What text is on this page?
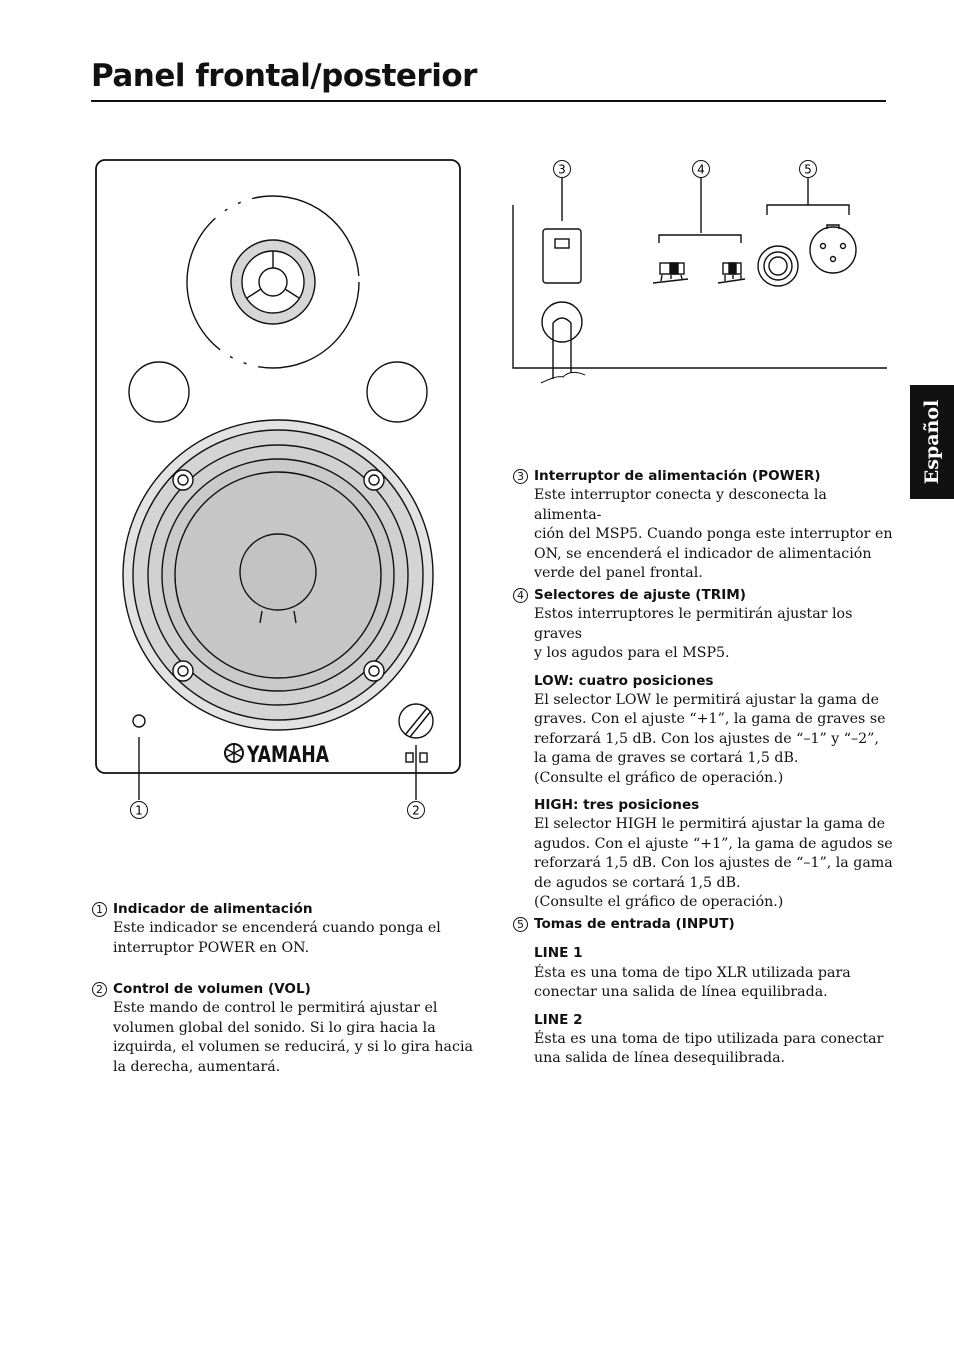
Panel frontal/posterior
Español
YAMAHA
1	2
3	4	5
1 Indicador de alimentación

Este indicador se encenderá cuando ponga el

interruptor POWER en ON.

2 Control de volumen (VOL)

Este mando de control le permitirá ajustar el

volumen global del sonido. Si lo gira hacia la

izquirda, el volumen se reducirá, y si lo gira hacia

la derecha, aumentará.

3 Interruptor de alimentación (POWER)

Este interruptor conecta y desconecta la alimenta-

ción del MSP5. Cuando ponga este interruptor en

ON, se encenderá el indicador de alimentación

verde del panel frontal.

4 Selectores de ajuste (TRIM)

Estos interruptores le permitirán ajustar los graves

y los agudos para el MSP5.

LOW: cuatro posiciones

El selector LOW le permitirá ajustar la gama de

graves. Con el ajuste “+1”, la gama de graves se

reforzará 1,5 dB. Con los ajustes de “–1” y “–2”,

la gama de graves se cortará 1,5 dB.

(Consulte el gráfico de operación.)

HIGH: tres posiciones

El selector HIGH le permitirá ajustar la gama de

agudos. Con el ajuste “+1”, la gama de agudos se

reforzará 1,5 dB. Con los ajustes de “–1”, la gama

de agudos se cortará 1,5 dB.

(Consulte el gráfico de operación.)

5 Tomas de entrada (INPUT)
LINE 1

Ésta es una toma de tipo XLR utilizada para

conectar una salida de línea equilibrada.

LINE 2

Ésta es una toma de tipo utilizada para conectar

una salida de línea desequilibrada.
